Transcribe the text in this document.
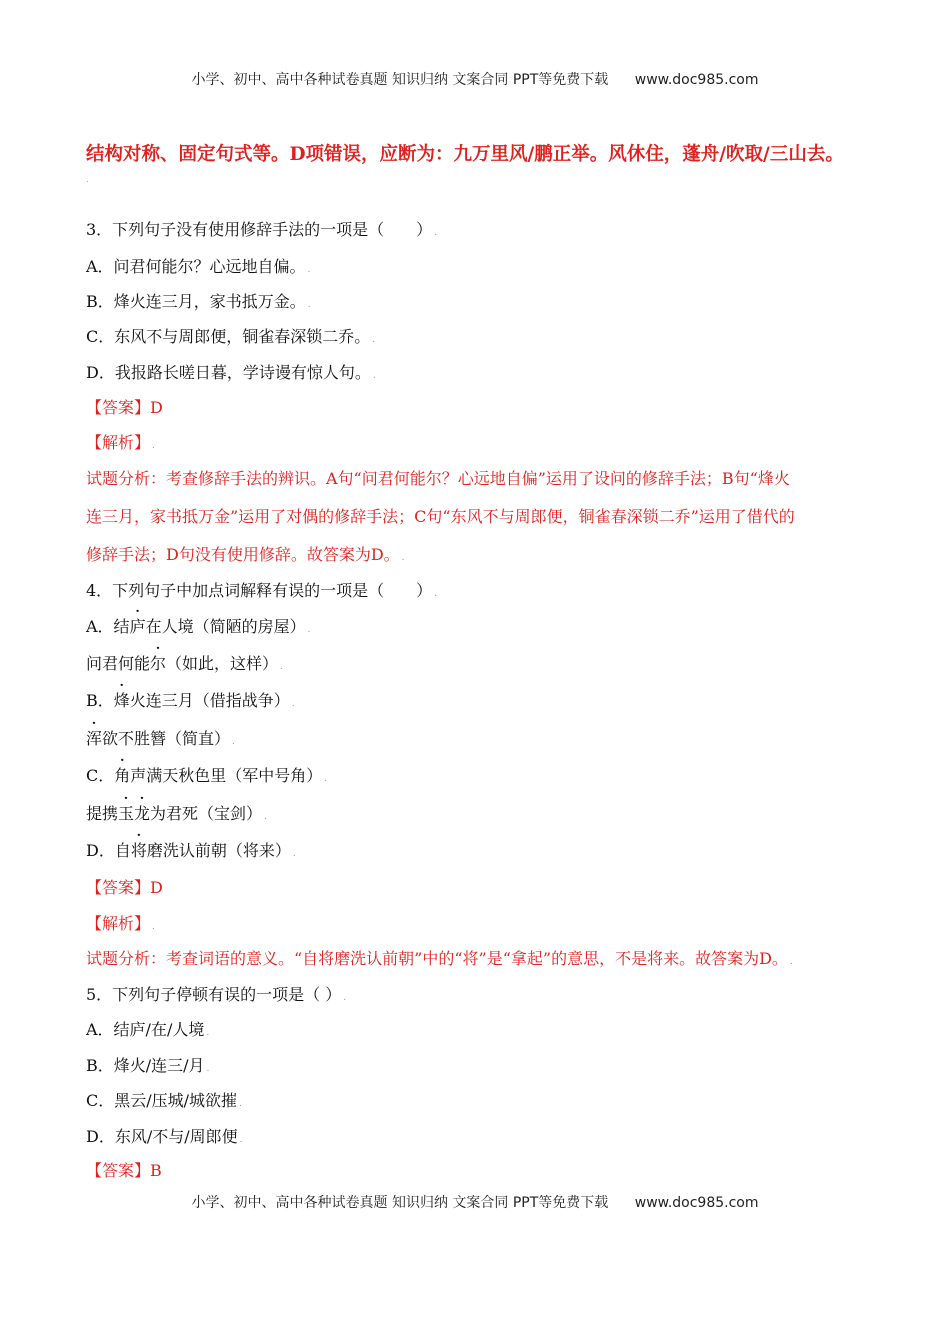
小学、初中、高中各种试卷真题 知识归纳 文案合同 PPT等免费下载 www.doc985.com
结构对称、固定句式等。D项错误，应断为：九万里风/鹏正举。风休住，蓬舟/吹取/三山去。
.
3．下列句子没有使用修辞手法的一项是（　　） .
A．问君何能尔？心远地自偏。 .
B．烽火连三月，家书抵万金。 .
C．东风不与周郎便，铜雀春深锁二乔。 .
D．我报路长嗟日暮，学诗谩有惊人句。 .
【答案】D
【解析】 .
试题分析：考查修辞手法的辨识。A句“问君何能尔？心远地自偏”运用了设问的修辞手法；B句“烽火
连三月，家书抵万金”运用了对偶的修辞手法；C句“东风不与周郎便，铜雀春深锁二乔”运用了借代的
修辞手法；D句没有使用修辞。故答案为D。 .
4．下列句子中加点词解释有误的一项是（　　） .
A．结庐在人境（简陋的房屋） .
问君何能尔（如此，这样） .
B．烽火连三月（借指战争） .
浑欲不胜簪（简直） .
C．角声满天秋色里（军中号角） .
提携玉龙为君死（宝剑） .
D．自将磨洗认前朝（将来） .
【答案】D
【解析】 .
试题分析：考查词语的意义。“自将磨洗认前朝”中的“将”是“拿起”的意思，不是将来。故答案为D。 .
5．下列句子停顿有误的一项是（ ） .
A．结庐/在/人境 .
B．烽火/连三/月 .
C．黑云/压城/城欲摧 .
D．东风/不与/周郎便 .
【答案】B
小学、初中、高中各种试卷真题 知识归纳 文案合同 PPT等免费下载 www.doc985.com
